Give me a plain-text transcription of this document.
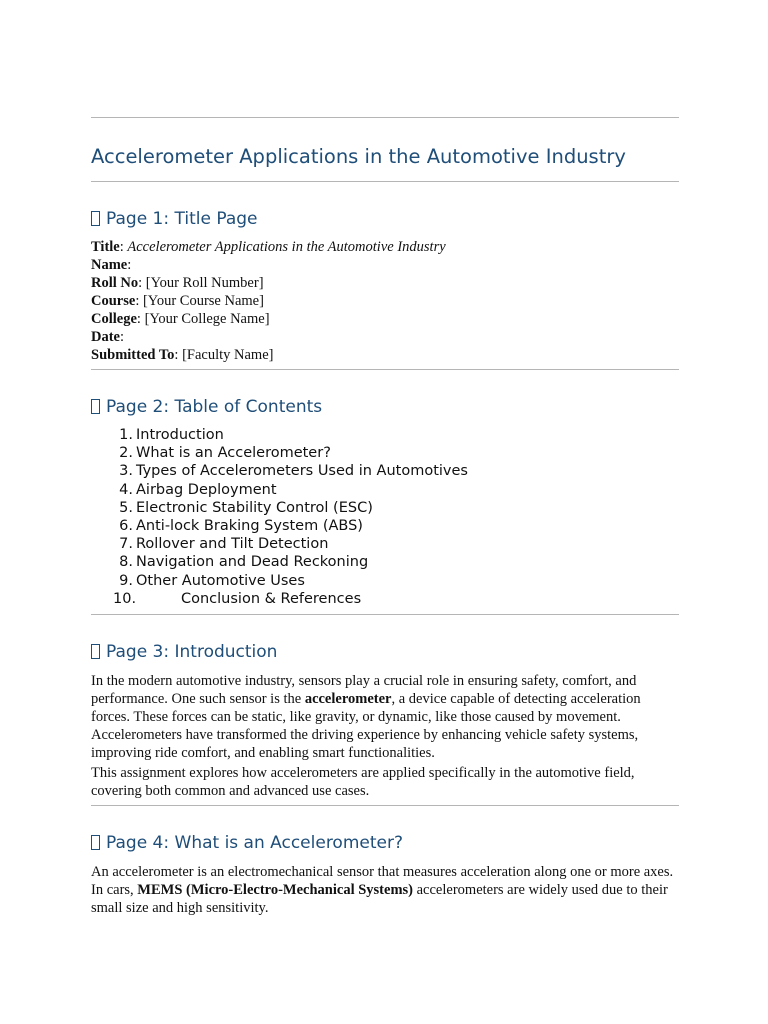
Accelerometer Applications in the Automotive Industry
Page 1: Title Page

Title: Accelerometer Applications in the Automotive Industry

Name:

Roll No: [Your Roll Number]

Course: [Your Course Name]

College: [Your College Name]

Date:

Submitted To: [Faculty Name]

Page 2: Table of Contents
1. Introduction
2. What is an Accelerometer?
3. Types of Accelerometers Used in Automotives
4. Airbag Deployment
5. Electronic Stability Control (ESC)
6. Anti-lock Braking System (ABS)
7. Rollover and Tilt Detection
8. Navigation and Dead Reckoning
9. Other Automotive Uses
10.	Conclusion & References
Page 3: Introduction

In the modern automotive industry, sensors play a crucial role in ensuring safety, comfort, and performance. One such sensor is the accelerometer, a device capable of detecting acceleration forces. These forces can be static, like gravity, or dynamic, like those caused by movement. Accelerometers have transformed the driving experience by enhancing vehicle safety systems, improving ride comfort, and enabling smart functionalities.

This assignment explores how accelerometers are applied specifically in the automotive field, covering both common and advanced use cases.

Page 4: What is an Accelerometer?

An accelerometer is an electromechanical sensor that measures acceleration along one or more axes. In cars, MEMS (Micro-Electro-Mechanical Systems) accelerometers are widely used due to their small size and high sensitivity.
